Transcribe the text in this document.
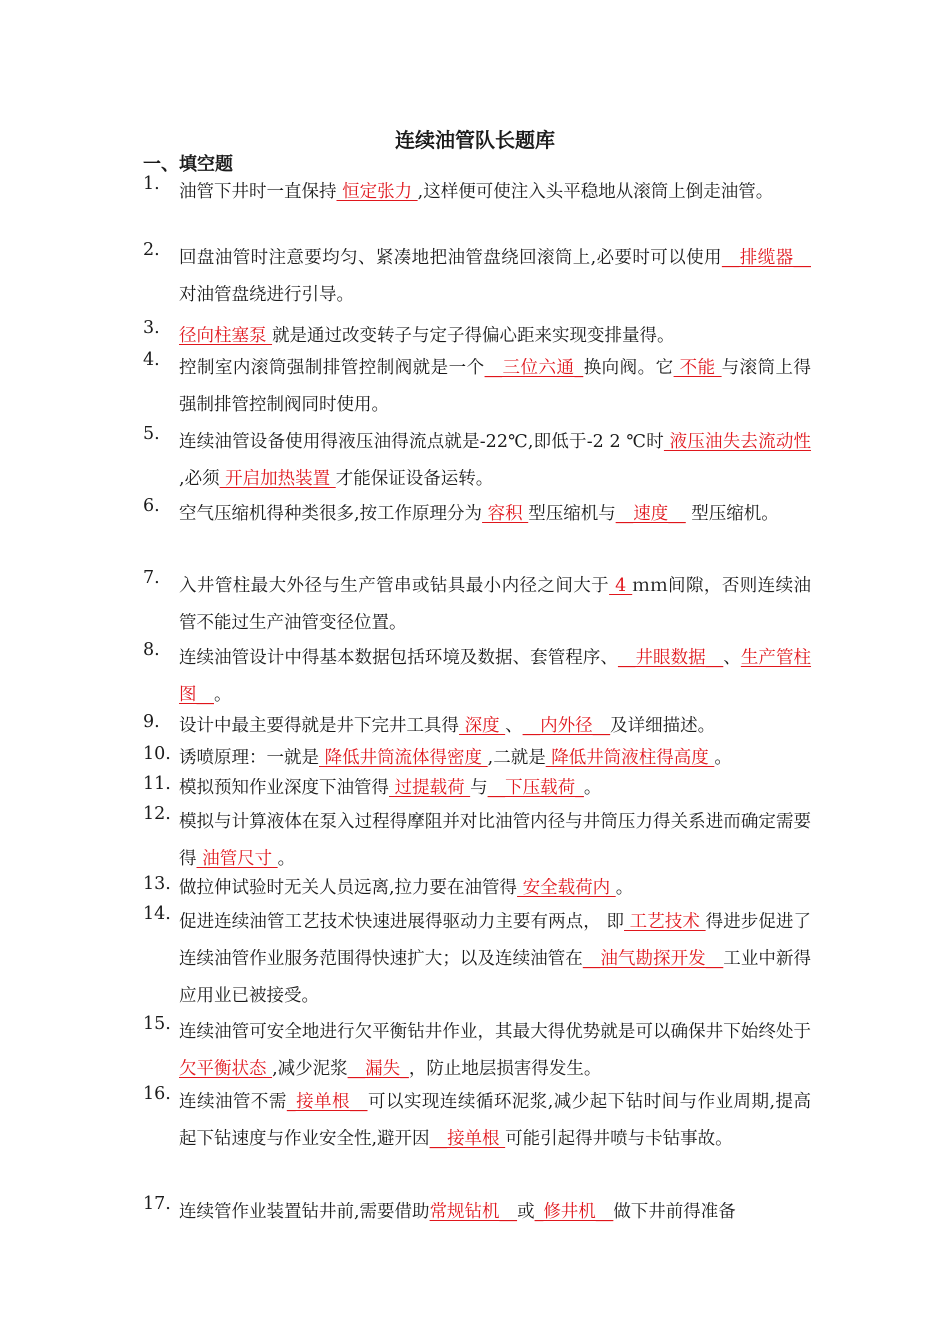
连续油管队长题库
一、填空题
1.	油管下井时一直保持 恒定张力 ,这样便可使注入头平稳地从滚筒上倒走油管。
2.	回盘油管时注意要均匀、紧凑地把油管盘绕回滚筒上,必要时可以使用__排缆器__对油管盘绕进行引导。
3.	径向柱塞泵 就是通过改变转子与定子得偏心距来实现变排量得。
4.	控制室内滚筒强制排管控制阀就是一个__三位六通_换向阀。它 不能 与滚筒上得强制排管控制阀同时使用。
5.	连续油管设备使用得液压油得流点就是-22℃,即低于-2 2 ℃时 液压油失去流动性 ,必须 开启加热装置 才能保证设备运转。
6.	空气压缩机得种类很多,按工作原理分为 容积 型压缩机与__速度__ 型压缩机。
7.	入井管柱最大外径与生产管串或钻具最小内径之间大于 4 ｍｍ间隙，否则连续油管不能过生产油管变径位置。
8.	连续油管设计中得基本数据包括环境及数据、套管程序、__井眼数据__、生产管柱图__。
9.	设计中最主要得就是井下完井工具得 深度 、__内外径__及详细描述。
10. 诱喷原理：一就是 降低井筒流体得密度 ,二就是 降低井筒液柱得高度 。
11. 模拟预知作业深度下油管得 过提载荷 与__下压载荷_。
12. 模拟与计算液体在泵入过程得摩阻并对比油管内径与井筒压力得关系进而确定需要得 油管尺寸 。
13. 做拉伸试验时无关人员远离,拉力要在油管得 安全载荷内 。
14. 促进连续油管工艺技术快速进展得驱动力主要有两点， 即 工艺技术 得进步促进了连续油管作业服务范围得快速扩大；以及连续油管在__油气勘探开发__工业中新得应用业已被接受。
15. 连续油管可安全地进行欠平衡钻井作业，其最大得优势就是可以确保井下始终处于 欠平衡状态 ,减少泥浆__漏失_，防止地层损害得发生。
16. 连续油管不需_接单根__可以实现连续循环泥浆,减少起下钻时间与作业周期,提高起下钻速度与作业安全性,避开因__接单根 可能引起得井喷与卡钻事故。
17. 连续管作业装置钻井前,需要借助常规钻机__或_修井机__做下井前得准备
